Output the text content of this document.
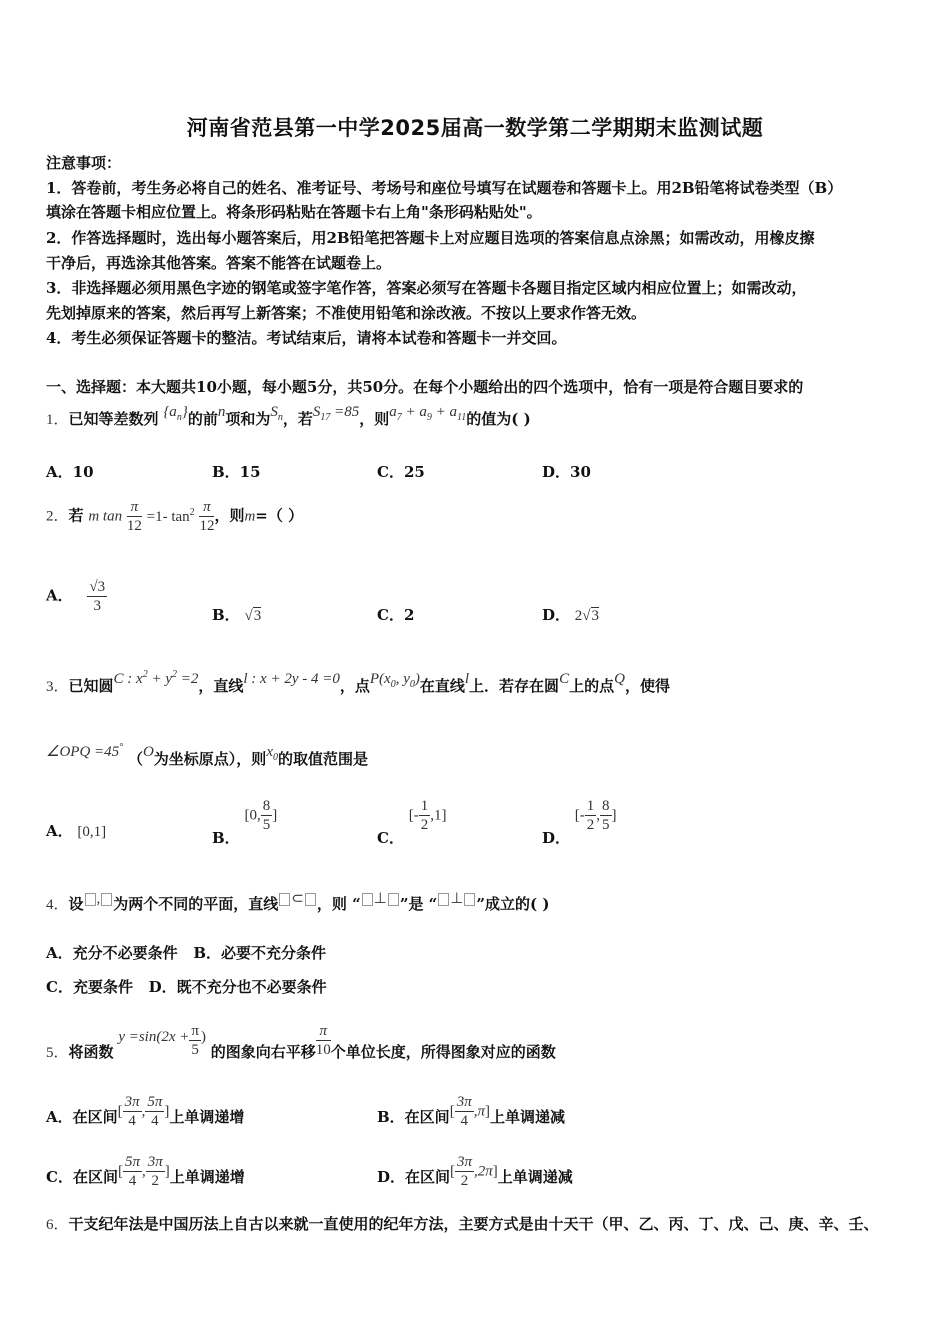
河南省范县第一中学2025届高一数学第二学期期末监测试题
注意事项：
1．答卷前，考生务必将自己的姓名、准考证号、考场号和座位号填写在试题卷和答题卡上。用2B铅笔将试卷类型（B）
填涂在答题卡相应位置上。将条形码粘贴在答题卡右上角"条形码粘贴处"。
2．作答选择题时，选出每小题答案后，用2B铅笔把答题卡上对应题目选项的答案信息点涂黑；如需改动，用橡皮擦
干净后，再选涂其他答案。答案不能答在试题卷上。
3．非选择题必须用黑色字迹的钢笔或签字笔作答，答案必须写在答题卡各题目指定区域内相应位置上；如需改动，
先划掉原来的答案，然后再写上新答案；不准使用铅笔和涂改液。不按以上要求作答无效。
4．考生必须保证答题卡的整洁。考试结束后，请将本试卷和答题卡一并交回。
一、选择题：本大题共10小题，每小题5分，共50分。在每个小题给出的四个选项中，恰有一项是符合题目要求的
1．已知等差数列 $\{a_n\}$的前n项和为$S_n$，若$S_{17} =85$，则$a_7 + a_9 + a_{11}$的值为( )
A．10	B．15	C．25	D．30
2．若 m $\tan \frac{\pi}{12} =1-$ $\tan^2 \frac{\pi}{12}$ ，则m=（ ）
A． $\frac{√3}{3}$	B． √3	C．2	D． 2√3
3．已知圆C : $x^2 + y^2 =2$，直线l : x + 2y - 4 =0，点$P(x_0$, $y_0$)在直线l上．若存在圆C上的点Q，使得
∠OPQ =45° （O为坐标原点），则$x_0$的取值范围是
A． [0,1]	B． [0, $\frac{8}{5}$ ]
C． [- $\frac{1}{2} ,1$]
D． [- $\frac{1}{2}$ , $\frac{8}{5}$ ]
4．设 , 为两个不同的平面，直线 ⊂ ，则 “ ⊥ ”是 “ ⊥ ”成立的( )
A．充分不必要条件 B．必要不充分条件
C．充要条件 D．既不充分也不必要条件
5．将函数 $y =\sin(2x + \frac{\pi}{5}$ ) 的图象向右平移 $\frac{\pi}{10}$ 个单位长度，所得图象对应的函数
A．在区间[ $\frac{3\pi}{4}$ , $\frac{5\pi}{4}$ ]上单调递增	B．在区间[ $\frac{3\pi}{4} ,\pi$]上单调递减
C．在区间[ $\frac{5\pi}{4}$ , $\frac{3\pi}{2}$ ]上单调递增	D．在区间[ $\frac{3\pi}{2} ,2\pi$]上单调递减
6．干支纪年法是中国历法上自古以来就一直使用的纪年方法，主要方式是由十天干（甲、乙、丙、丁、戊、己、庚、辛、壬、
